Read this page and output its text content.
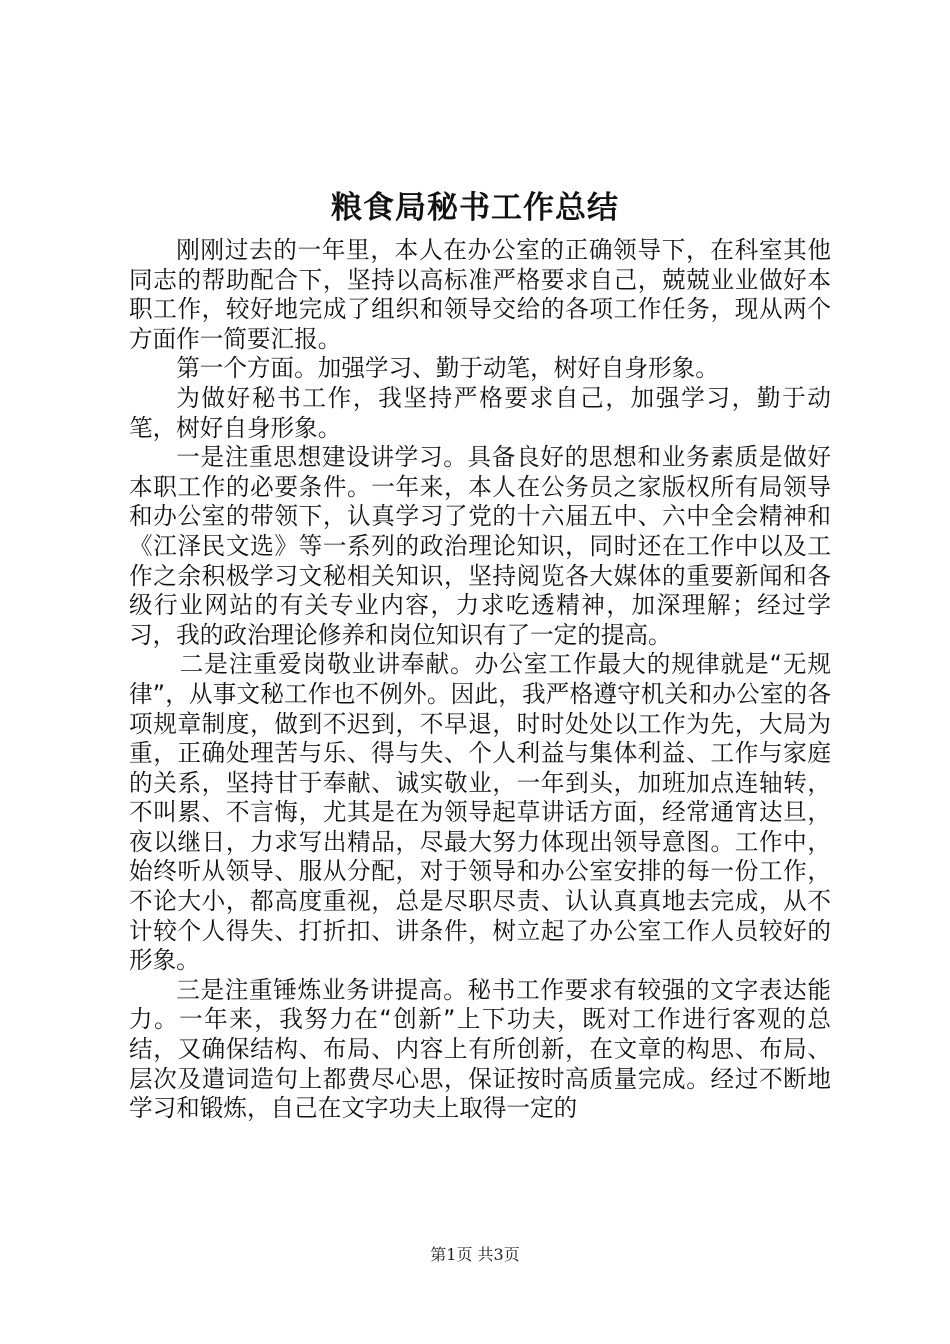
粮食局秘书工作总结

刚刚过去的一年里，本人在办公室的正确领导下，在科室其他同志的帮助配合下，坚持以高标准严格要求自己，兢兢业业做好本职工作，较好地完成了组织和领导交给的各项工作任务，现从两个方面作一简要汇报。

第一个方面。加强学习、勤于动笔，树好自身形象。

为做好秘书工作，我坚持严格要求自己，加强学习，勤于动笔，树好自身形象。

一是注重思想建设讲学习。具备良好的思想和业务素质是做好本职工作的必要条件。一年来，本人在公务员之家版权所有局领导和办公室的带领下，认真学习了党的十六届五中、六中全会精神和《江泽民文选》等一系列的政治理论知识，同时还在工作中以及工作之余积极学习文秘相关知识，坚持阅览各大媒体的重要新闻和各级行业网站的有关专业内容，力求吃透精神，加深理解；经过学习，我的政治理论修养和岗位知识有了一定的提高。

二是注重爱岗敬业讲奉献。办公室工作最大的规律就是“无规律”，从事文秘工作也不例外。因此，我严格遵守机关和办公室的各项规章制度，做到不迟到，不早退，时时处处以工作为先，大局为重，正确处理苦与乐、得与失、个人利益与集体利益、工作与家庭的关系，坚持甘于奉献、诚实敬业，一年到头，加班加点连轴转，不叫累、不言悔，尤其是在为领导起草讲话方面，经常通宵达旦，夜以继日，力求写出精品，尽最大努力体现出领导意图。工作中，始终听从领导、服从分配，对于领导和办公室安排的每一份工作，不论大小，都高度重视，总是尽职尽责、认认真真地去完成，从不计较个人得失、打折扣、讲条件，树立起了办公室工作人员较好的形象。

三是注重锤炼业务讲提高。秘书工作要求有较强的文字表达能力。一年来，我努力在“创新”上下功夫，既对工作进行客观的总结，又确保结构、布局、内容上有所创新，在文章的构思、布局、层次及遣词造句上都费尽心思，保证按时高质量完成。经过不断地学习和锻炼，自己在文字功夫上取得一定的

第1页 共3页
